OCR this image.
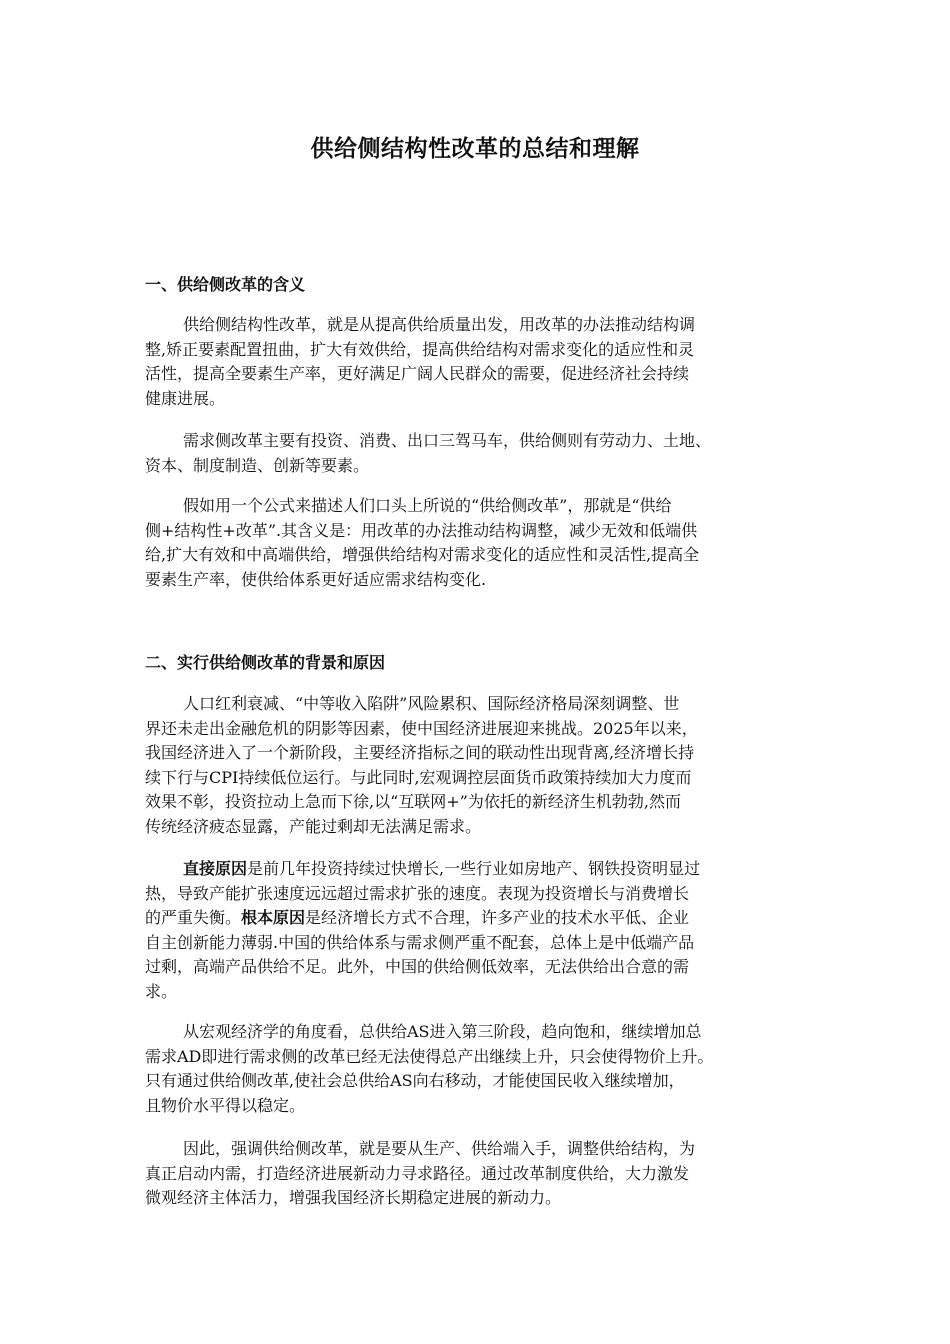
供给侧结构性改革的总结和理解
一、供给侧改革的含义
供给侧结构性改革，就是从提高供给质量出发，用改革的办法推动结构调
整,矫正要素配置扭曲，扩大有效供给，提高供给结构对需求变化的适应性和灵
活性，提高全要素生产率，更好满足广阔人民群众的需要，促进经济社会持续
健康进展。
需求侧改革主要有投资、消费、出口三驾马车，供给侧则有劳动力、土地、
资本、制度制造、创新等要素。
假如用一个公式来描述人们口头上所说的“供给侧改革”，那就是“供给
侧+结构性+改革”.其含义是：用改革的办法推动结构调整，减少无效和低端供
给,扩大有效和中高端供给，增强供给结构对需求变化的适应性和灵活性,提高全
要素生产率，使供给体系更好适应需求结构变化.
二、实行供给侧改革的背景和原因
人口红利衰减、“中等收入陷阱”风险累积、国际经济格局深刻调整、世
界还未走出金融危机的阴影等因素，使中国经济进展迎来挑战。2025年以来，
我国经济进入了一个新阶段，主要经济指标之间的联动性出现背离,经济增长持
续下行与CPI持续低位运行。与此同时,宏观调控层面货币政策持续加大力度而
效果不彰，投资拉动上急而下徐,以“互联网+”为依托的新经济生机勃勃,然而
传统经济疲态显露，产能过剩却无法满足需求。
直接原因是前几年投资持续过快增长,一些行业如房地产、钢铁投资明显过
热，导致产能扩张速度远远超过需求扩张的速度。表现为投资增长与消费增长
的严重失衡。根本原因是经济增长方式不合理，许多产业的技术水平低、企业
自主创新能力薄弱.中国的供给体系与需求侧严重不配套，总体上是中低端产品
过剩，高端产品供给不足。此外，中国的供给侧低效率，无法供给出合意的需
求。
从宏观经济学的角度看，总供给AS进入第三阶段，趋向饱和，继续增加总
需求AD即进行需求侧的改革已经无法使得总产出继续上升，只会使得物价上升。
只有通过供给侧改革,使社会总供给AS向右移动，才能使国民收入继续增加，
且物价水平得以稳定。
因此，强调供给侧改革，就是要从生产、供给端入手，调整供给结构，为
真正启动内需，打造经济进展新动力寻求路径。通过改革制度供给，大力激发
微观经济主体活力，增强我国经济长期稳定进展的新动力。
